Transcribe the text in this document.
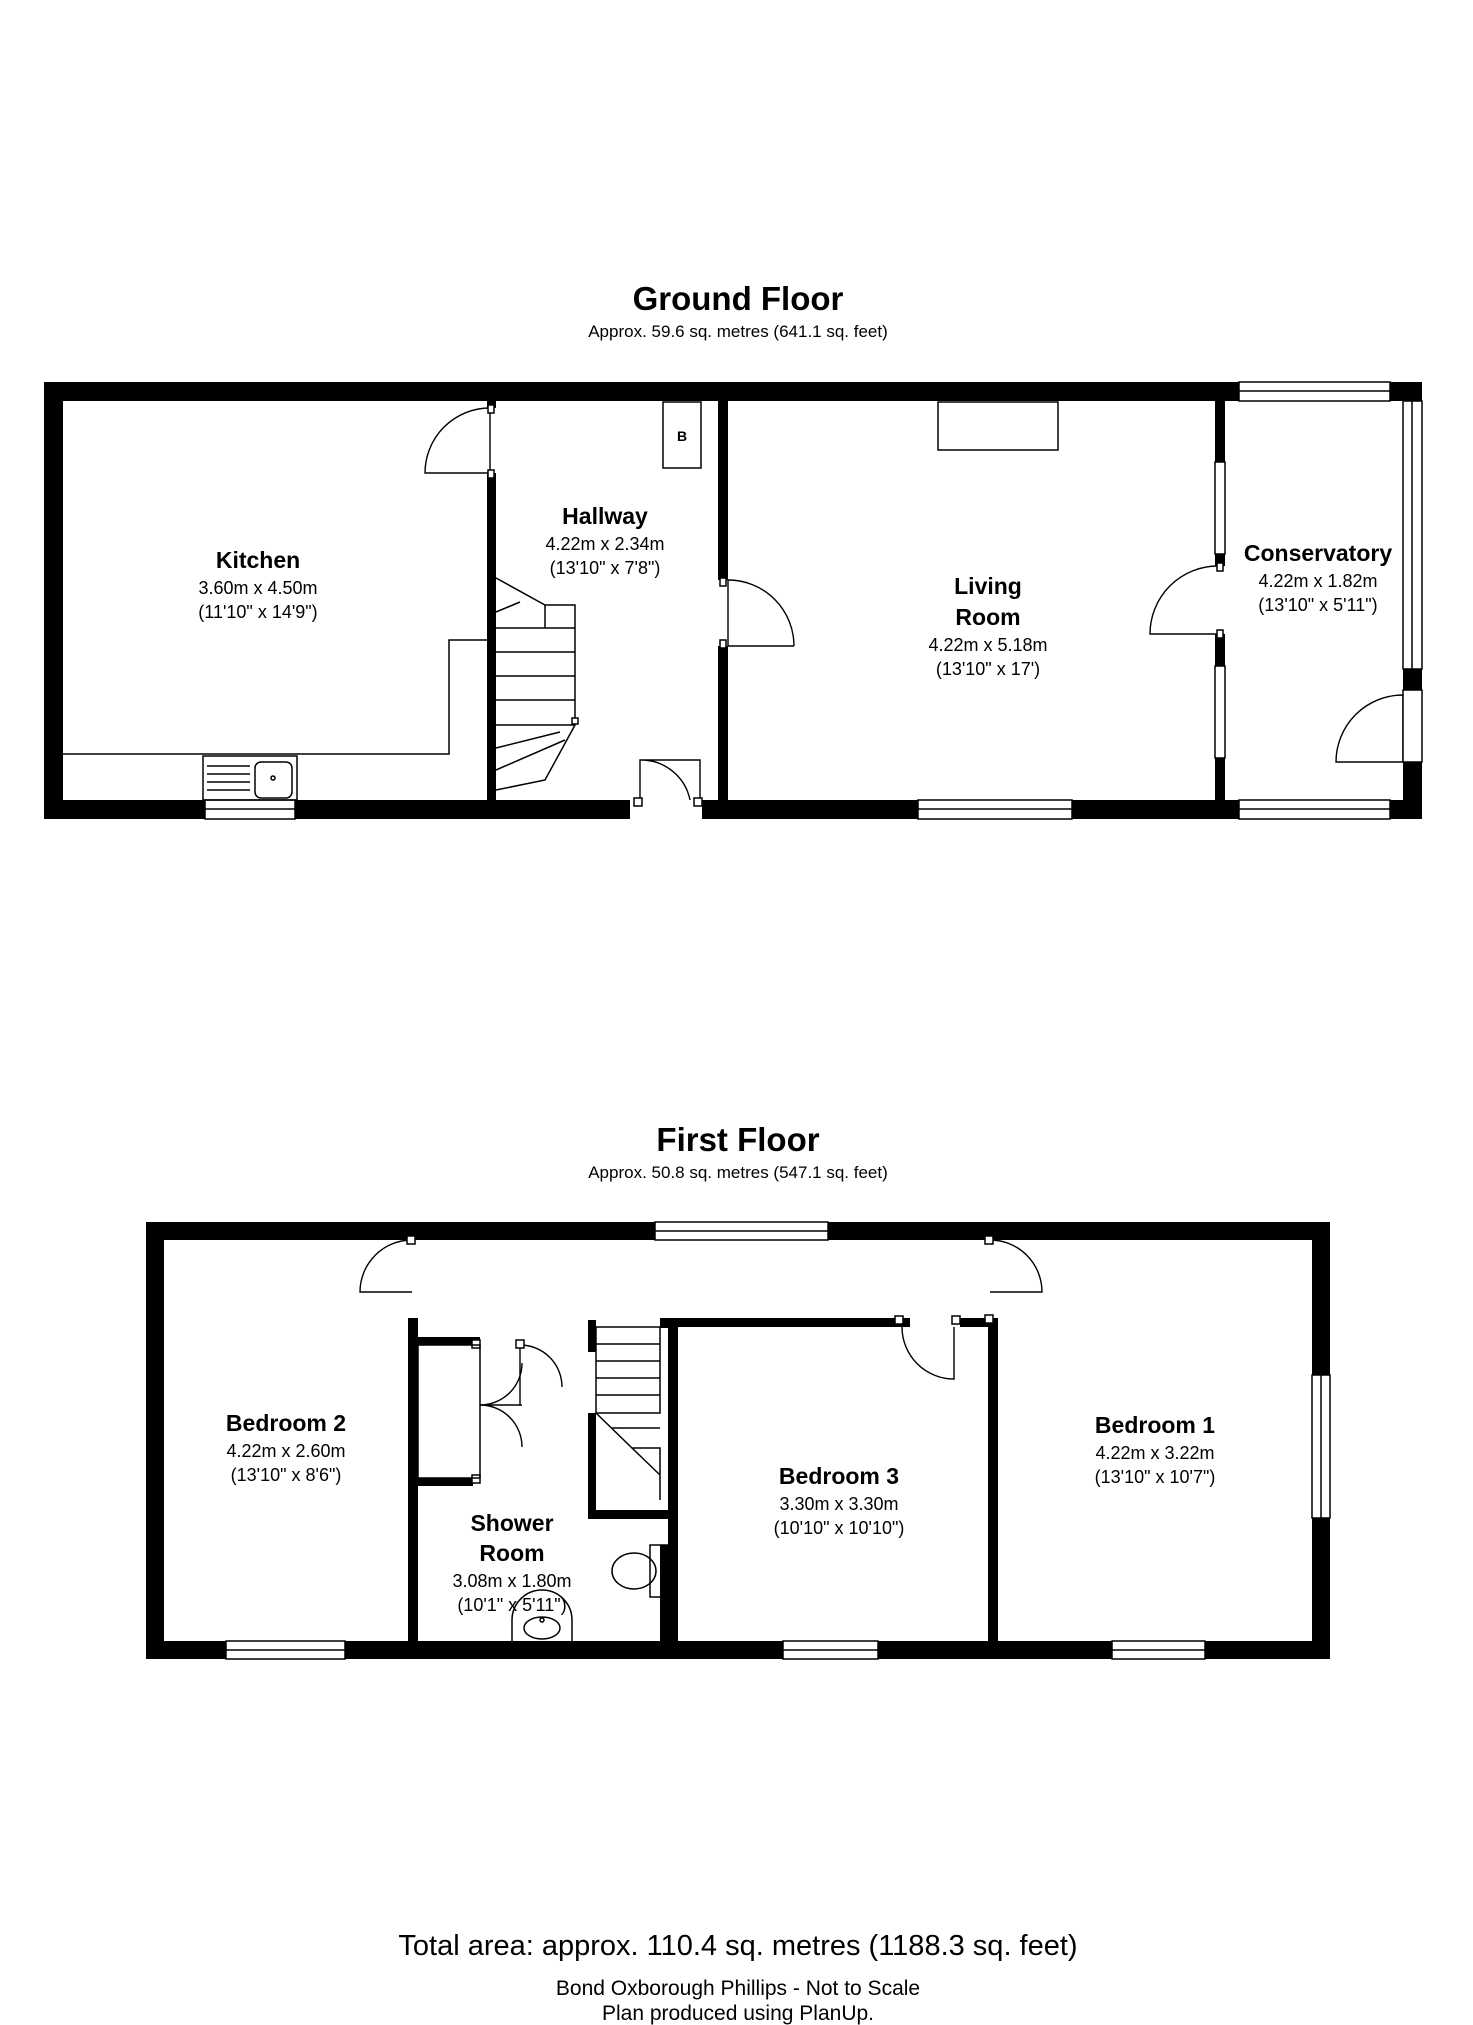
Ground Floor
Approx. 59.6 sq. metres (641.1 sq. feet)
B
Kitchen
3.60m x 4.50m
(11'10" x 14'9")
Hallway
4.22m x 2.34m
(13'10" x 7'8")
Living
Room
4.22m x 5.18m
(13'10" x 17')
Conservatory
4.22m x 1.82m
(13'10" x 5'11")
First Floor
Approx. 50.8 sq. metres (547.1 sq. feet)
Bedroom 2
4.22m x 2.60m
(13'10" x 8'6")
Shower
Room
3.08m x 1.80m
(10'1" x 5'11")
Bedroom 3
3.30m x 3.30m
(10'10" x 10'10")
Bedroom 1
4.22m x 3.22m
(13'10" x 10'7")
Total area: approx. 110.4 sq. metres (1188.3 sq. feet)
Bond Oxborough Phillips - Not to Scale
Plan produced using PlanUp.
